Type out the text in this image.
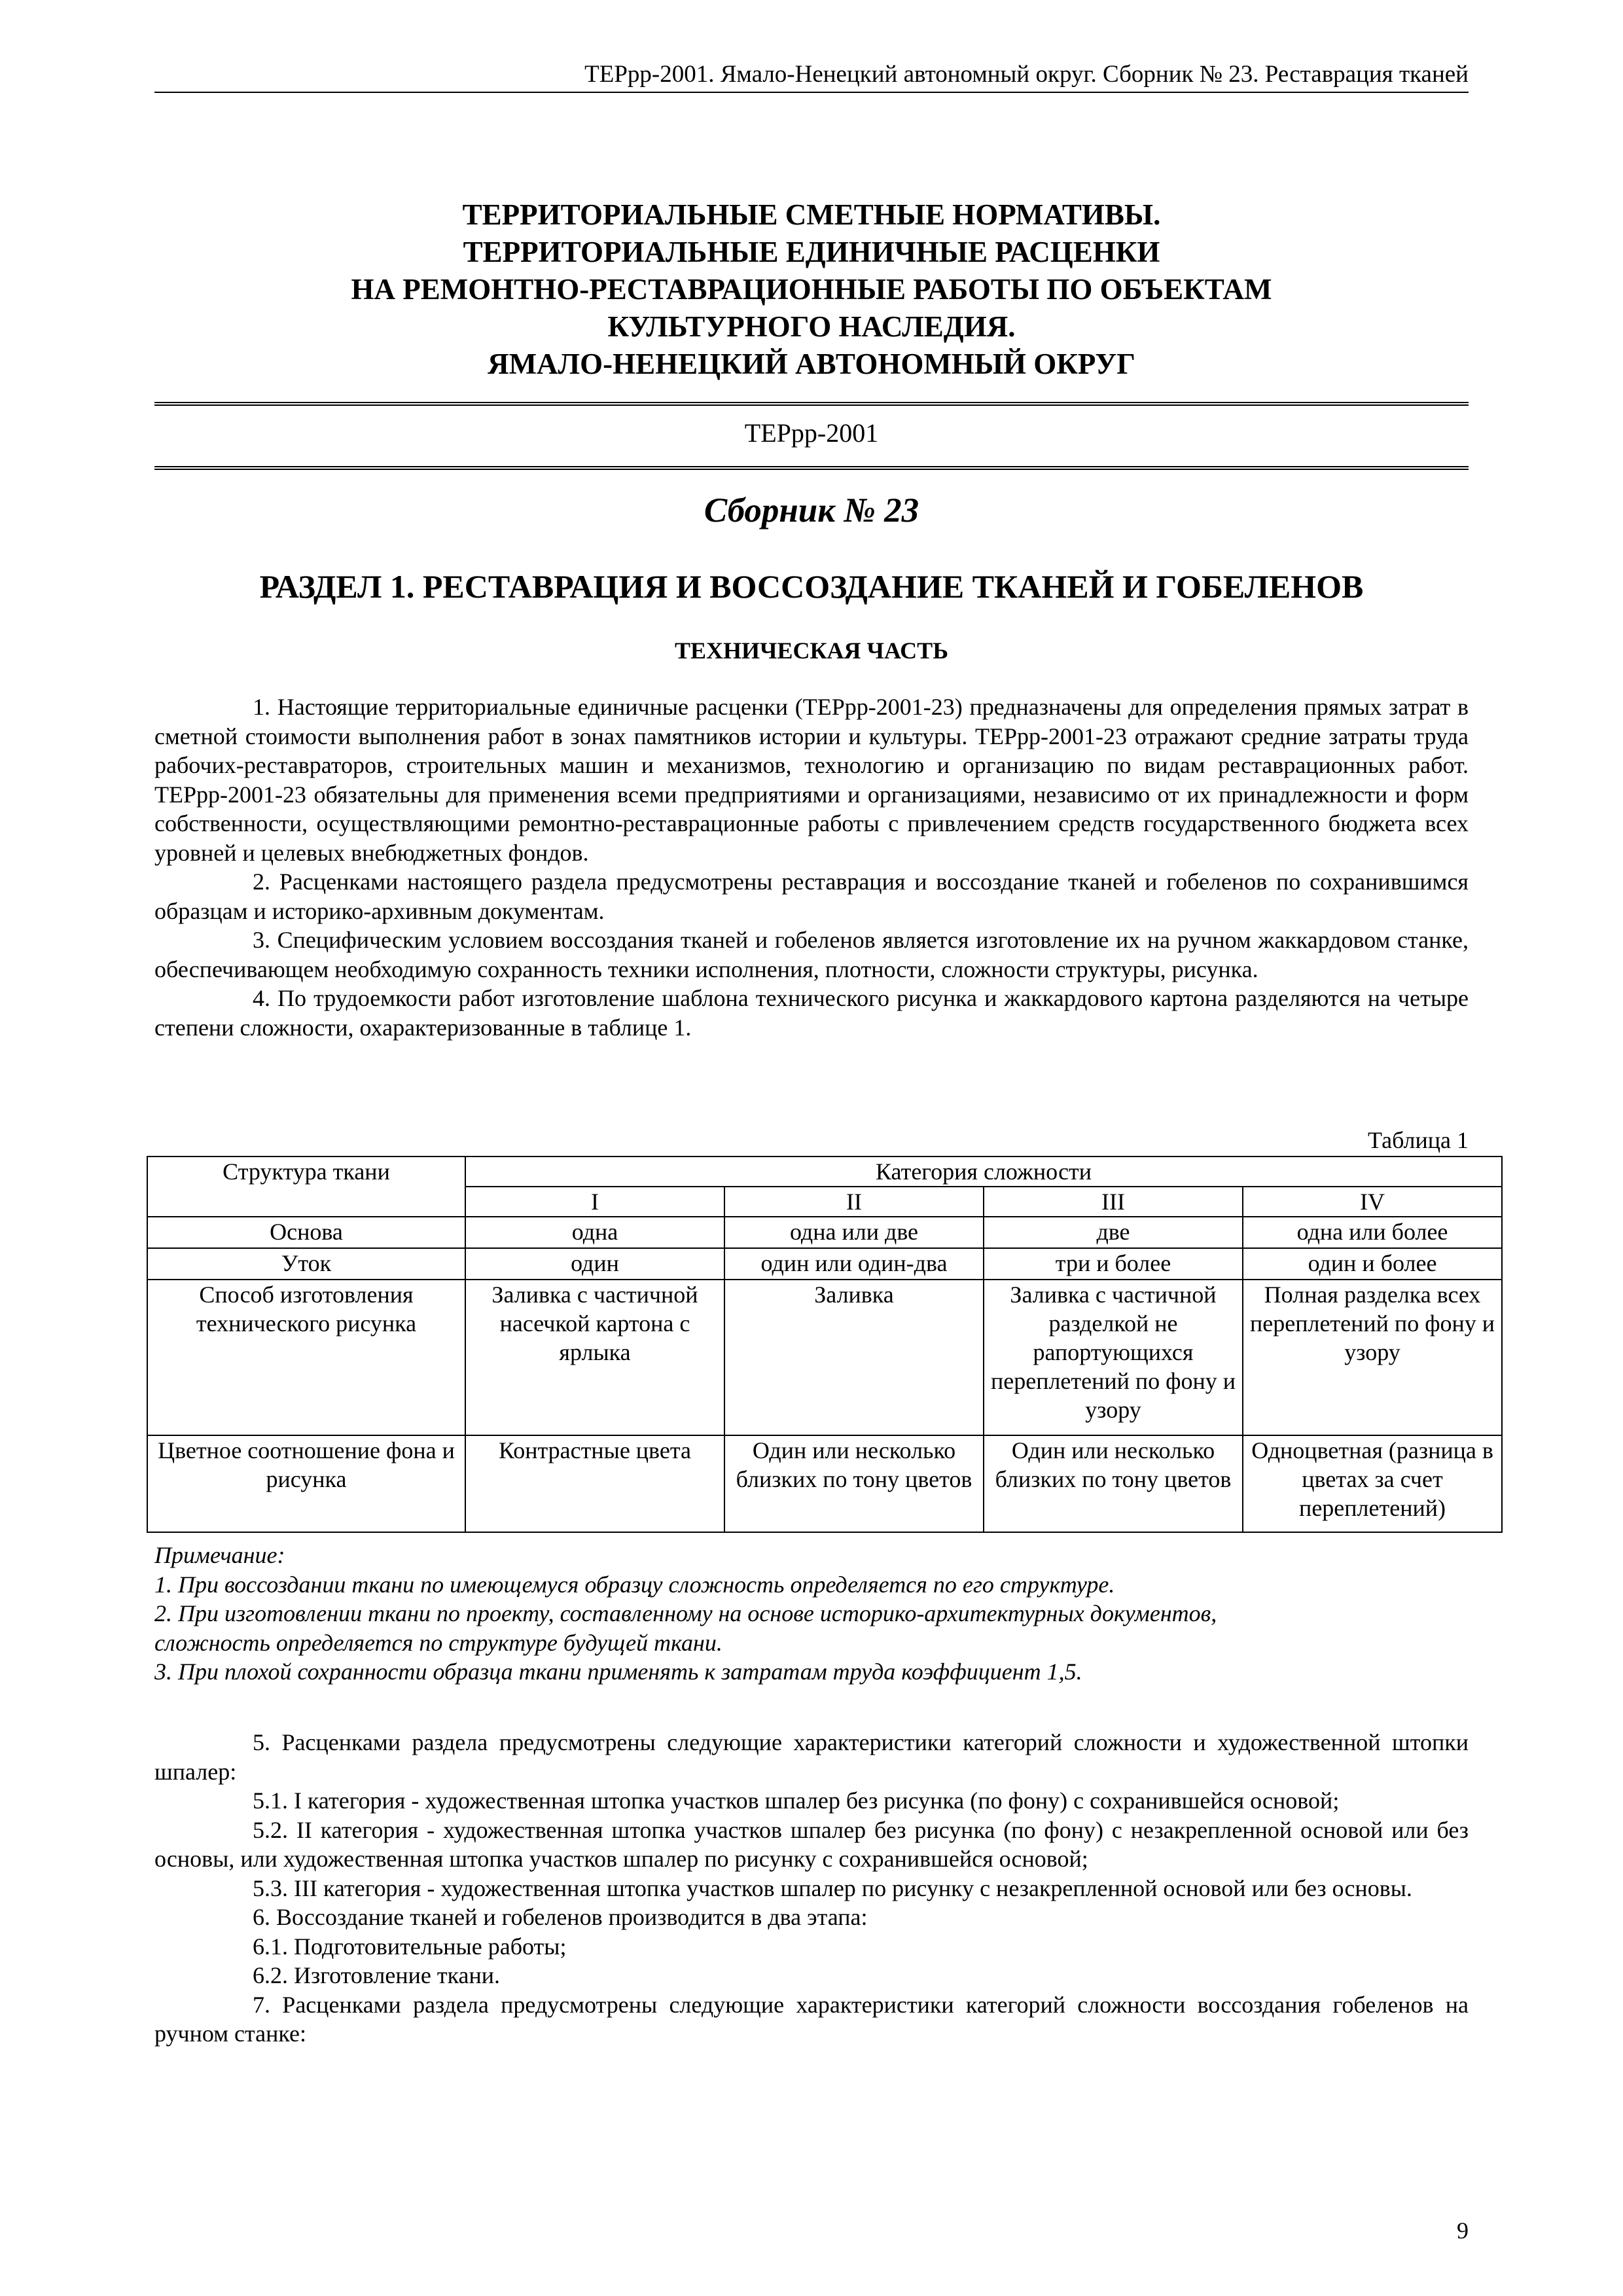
ТЕРрр-2001. Ямало-Ненецкий автономный округ. Сборник № 23. Реставрация тканей
ТЕРРИТОРИАЛЬНЫЕ СМЕТНЫЕ НОРМАТИВЫ.
ТЕРРИТОРИАЛЬНЫЕ ЕДИНИЧНЫЕ РАСЦЕНКИ
НА РЕМОНТНО-РЕСТАВРАЦИОННЫЕ РАБОТЫ ПО ОБЪЕКТАМ
КУЛЬТУРНОГО НАСЛЕДИЯ.
ЯМАЛО-НЕНЕЦКИЙ АВТОНОМНЫЙ ОКРУГ
ТЕРрр-2001
Сборник № 23
РАЗДЕЛ 1. РЕСТАВРАЦИЯ И ВОССОЗДАНИЕ ТКАНЕЙ И ГОБЕЛЕНОВ
ТЕХНИЧЕСКАЯ ЧАСТЬ

1. Настоящие территориальные единичные расценки (ТЕРрр-2001-23) предназначены для определения прямых затрат в сметной стоимости выполнения работ в зонах памятников истории и культуры. ТЕРрр-2001-23 отражают средние затраты труда рабочих-реставраторов, строительных машин и механизмов, технологию и организацию по видам реставрационных работ. ТЕРрр-2001-23 обязательны для применения всеми предприятиями и организациями, независимо от их принадлежности и форм собственности, осуществляющими ремонтно-реставрационные работы с привлечением средств государственного бюджета всех уровней и целевых внебюджетных фондов.

2. Расценками настоящего раздела предусмотрены реставрация и воссоздание тканей и гобеленов по сохранившимся образцам и историко-архивным документам.

3. Специфическим условием воссоздания тканей и гобеленов является изготовление их на ручном жаккардовом станке, обеспечивающем необходимую сохранность техники исполнения, плотности, сложности структуры, рисунка.

4. По трудоемкости работ изготовление шаблона технического рисунка и жаккардового картона разделяются на четыре степени сложности, охарактеризованные в таблице 1.

Таблица 1
Структура ткани	Категория сложности			
	I	II	III	IV
Основа	одна	одна или две	две	одна или более
Уток	один	один или один-два	три и более	один и более
Способ изготовления технического рисунка	Заливка с частичной насечкой картона с ярлыка	Заливка	Заливка с частичной разделкой не рапортующихся переплетений по фону и узору	Полная разделка всех переплетений по фону и узору
Цветное соотношение фона и рисунка	Контрастные цвета	Один или несколько близких по тону цветов	Один или несколько близких по тону цветов	Одноцветная (разница в цветах за счет переплетений)
Примечание:
1. При воссоздании ткани по имеющемуся образцу сложность определяется по его структуре.
2. При изготовлении ткани по проекту, составленному на основе историко-архитектурных документов,
сложность определяется по структуре будущей ткани.
3. При плохой сохранности образца ткани применять к затратам труда коэффициент 1,5.

5. Расценками раздела предусмотрены следующие характеристики категорий сложности и художественной штопки шпалер:

5.1. I категория - художественная штопка участков шпалер без рисунка (по фону) с сохранившейся основой;

5.2. II категория - художественная штопка участков шпалер без рисунка (по фону) с незакрепленной основой или без основы, или художественная штопка участков шпалер по рисунку с сохранившейся основой;

5.3. III категория - художественная штопка участков шпалер по рисунку с незакрепленной основой или без основы.

6. Воссоздание тканей и гобеленов производится в два этапа:

6.1. Подготовительные работы;

6.2. Изготовление ткани.

7. Расценками раздела предусмотрены следующие характеристики категорий сложности воссоздания гобеленов на ручном станке:

9
